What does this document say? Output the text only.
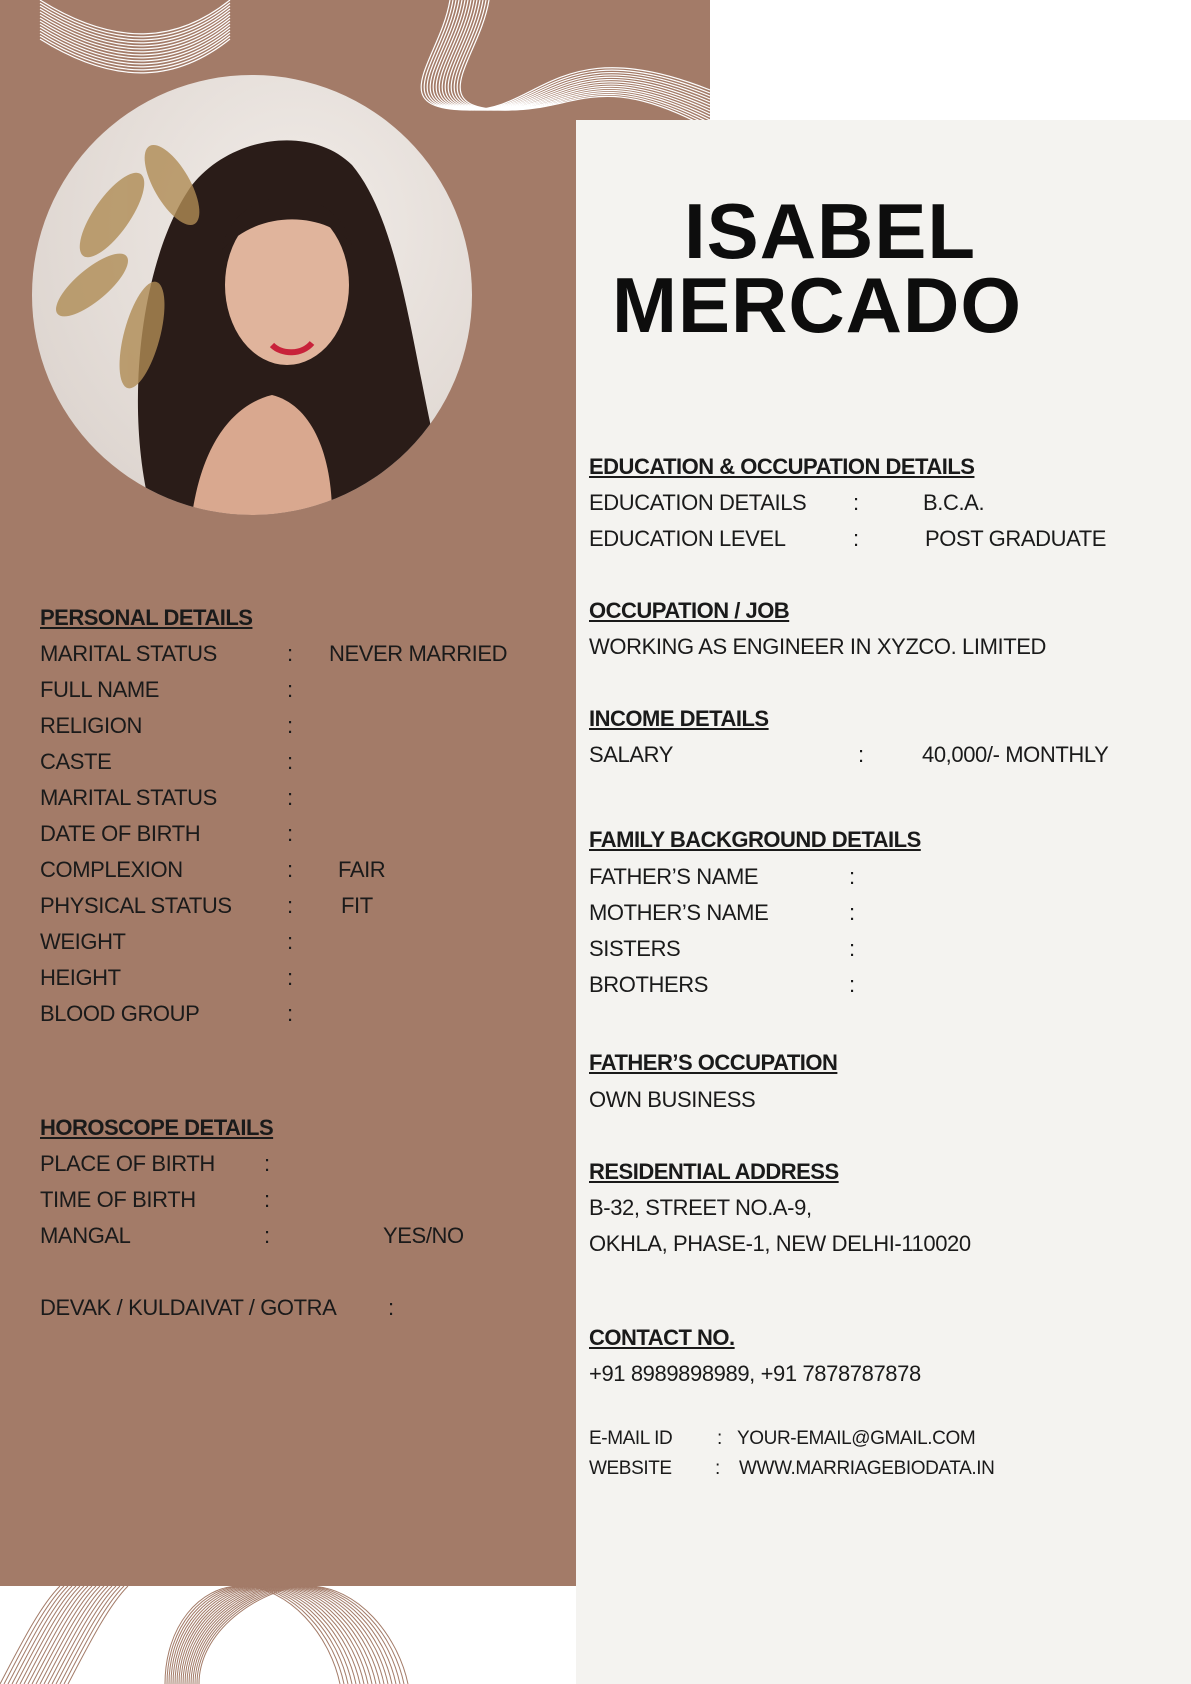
ISABEL
MERCADO
PERSONAL DETAILS
MARITAL STATUS	: NEVER MARRIED
FULL NAME	:
RELIGION	:
CASTE	:
MARITAL STATUS	:
DATE OF BIRTH	:
COMPLEXION	: FAIR
PHYSICAL STATUS	: FIT
WEIGHT	:
HEIGHT	:
BLOOD GROUP	:
HOROSCOPE DETAILS
PLACE OF BIRTH :
TIME OF BIRTH	:
MANGAL	:	YES/NO
DEVAK / KULDAIVAT / GOTRA :
EDUCATION & OCCUPATION DETAILS
EDUCATION DETAILS :	B.C.A.
EDUCATION LEVEL	:	POST GRADUATE
OCCUPATION / JOB
WORKING AS ENGINEER IN XYZCO. LIMITED
INCOME DETAILS
SALARY	:	40,000/- MONTHLY
FAMILY BACKGROUND DETAILS
FATHER’S NAME	:
MOTHER’S NAME	:
SISTERS	:
BROTHERS	:
FATHER’S OCCUPATION
OWN BUSINESS
RESIDENTIAL ADDRESS
B-32, STREET NO.A-9,
OKHLA, PHASE-1, NEW DELHI-110020
CONTACT NO.
+91 8989898989, +91 7878787878
E-MAIL ID : YOUR-EMAIL@GMAIL.COM
WEBSITE : WWW.MARRIAGEBIODATA.IN
